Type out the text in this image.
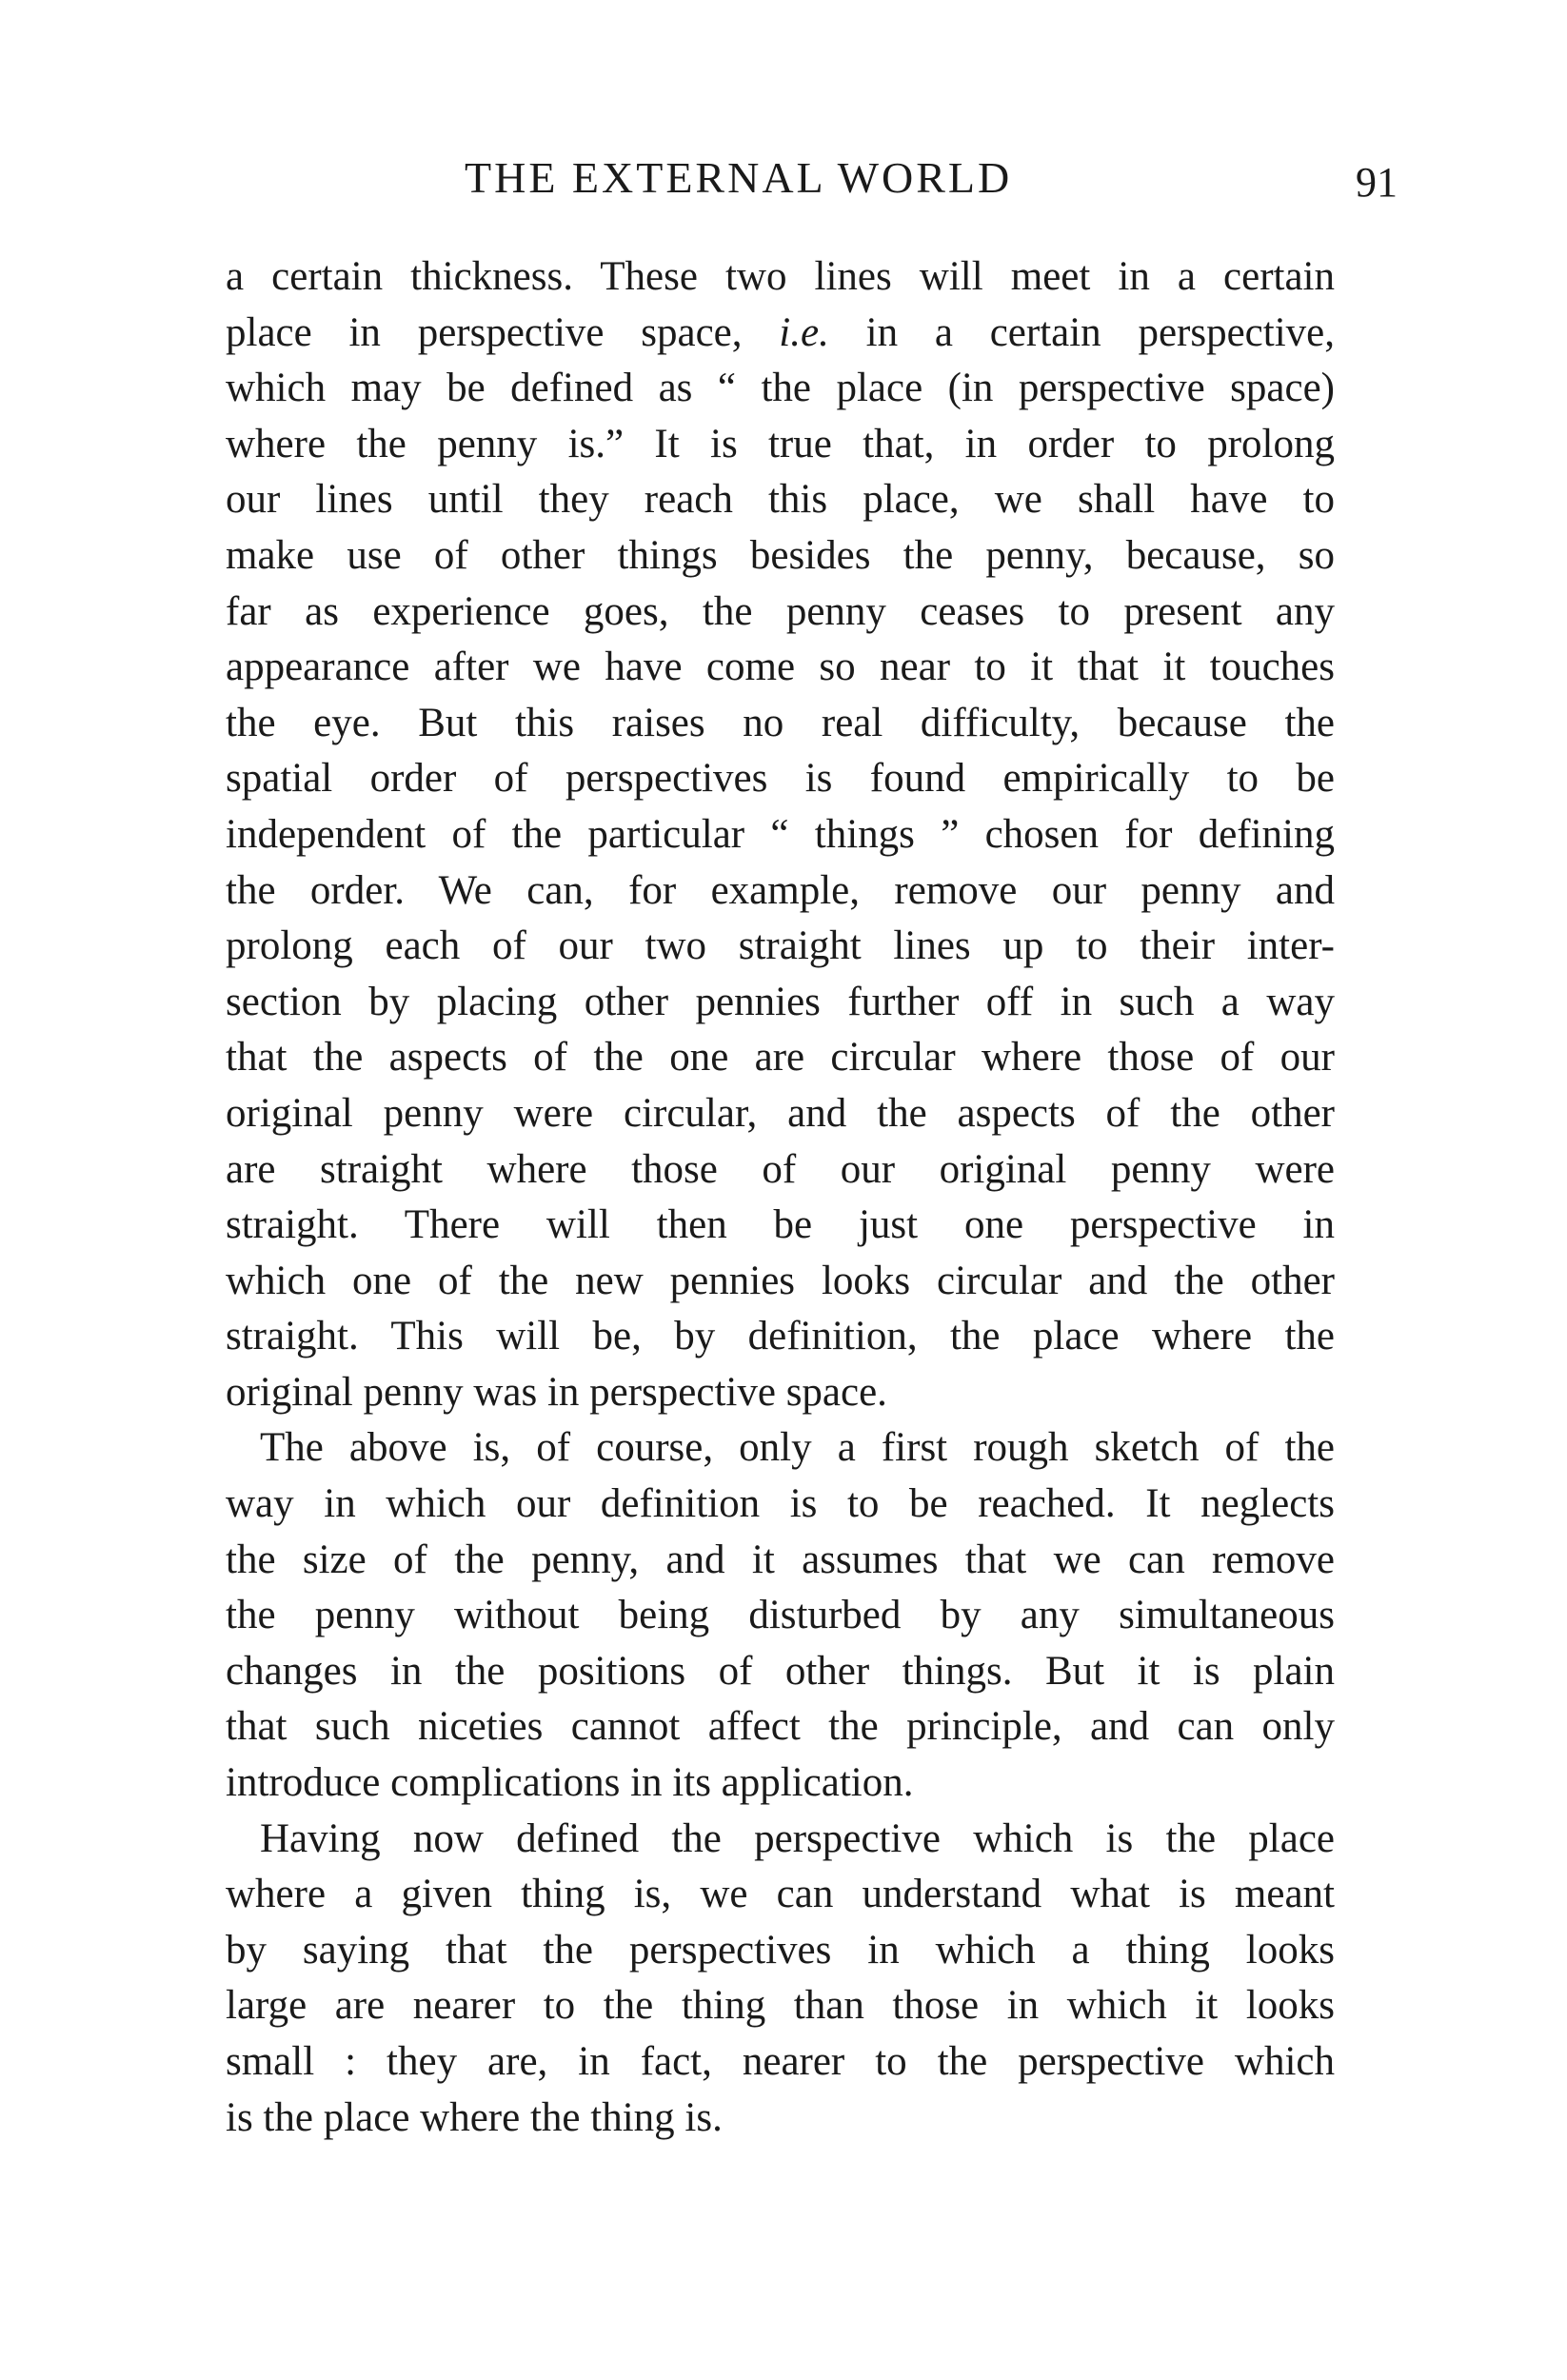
THE EXTERNAL WORLD	91
a certain thickness. These two lines will meet in a certain
place in perspective space, i.e. in a certain perspective,
which may be defined as “ the place (in perspective space)
where the penny is.” It is true that, in order to prolong
our lines until they reach this place, we shall have to
make use of other things besides the penny, because, so
far as experience goes, the penny ceases to present any
appearance after we have come so near to it that it touches
the eye. But this raises no real difficulty, because the
spatial order of perspectives is found empirically to be
independent of the particular “ things ” chosen for defining
the order. We can, for example, remove our penny and
prolong each of our two straight lines up to their inter-
section by placing other pennies further off in such a way
that the aspects of the one are circular where those of our
original penny were circular, and the aspects of the other
are straight where those of our original penny were
straight. There will then be just one perspective in
which one of the new pennies looks circular and the other
straight. This will be, by definition, the place where the
original penny was in perspective space.
The above is, of course, only a first rough sketch of the
way in which our definition is to be reached. It neglects
the size of the penny, and it assumes that we can remove
the penny without being disturbed by any simultaneous
changes in the positions of other things. But it is plain
that such niceties cannot affect the principle, and can only
introduce complications in its application.
Having now defined the perspective which is the place
where a given thing is, we can understand what is meant
by saying that the perspectives in which a thing looks
large are nearer to the thing than those in which it looks
small : they are, in fact, nearer to the perspective which
is the place where the thing is.
